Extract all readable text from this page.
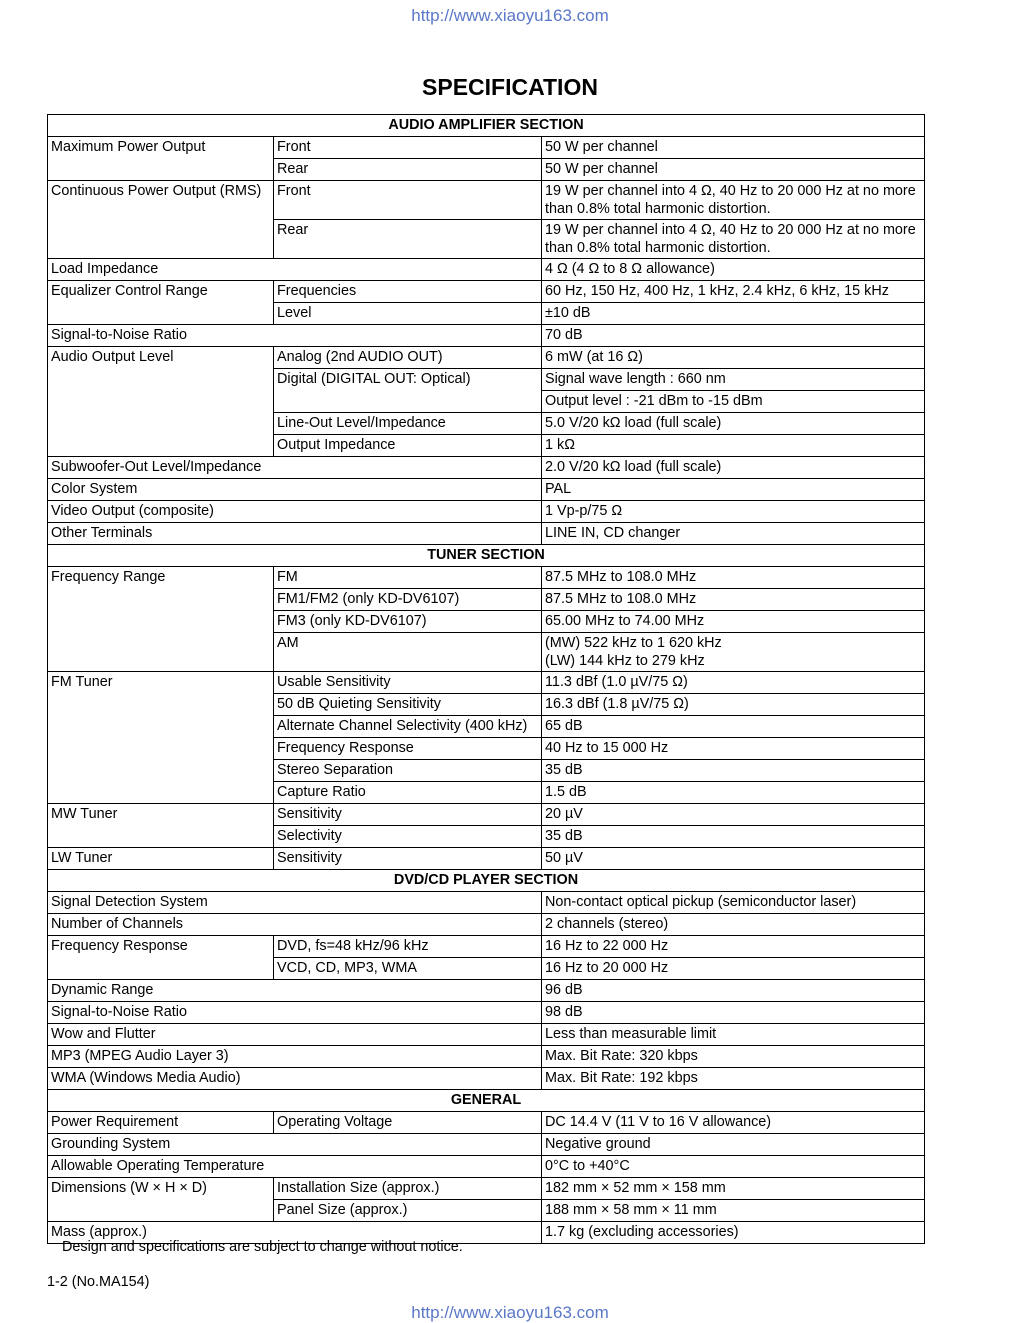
http://www.xiaoyu163.com
SPECIFICATION
AUDIO AMPLIFIER SECTION		
Maximum Power Output	Front	50 W per channel
	Rear	50 W per channel
Continuous Power Output (RMS)	Front	19 W per channel into 4 Ω, 40 Hz to 20 000 Hz at no more than 0.8% total harmonic distortion.
	Rear	19 W per channel into 4 Ω, 40 Hz to 20 000 Hz at no more than 0.8% total harmonic distortion.
Load Impedance		4 Ω (4 Ω to 8 Ω allowance)
Equalizer Control Range	Frequencies	60 Hz, 150 Hz, 400 Hz, 1 kHz, 2.4 kHz, 6 kHz, 15 kHz
	Level	±10 dB
Signal-to-Noise Ratio		70 dB
Audio Output Level	Analog (2nd AUDIO OUT)	6 mW (at 16 Ω)
	Digital (DIGITAL OUT: Optical)	Signal wave length : 660 nm
		Output level : -21 dBm to -15 dBm
	Line-Out Level/Impedance	5.0 V/20 kΩ load (full scale)
	Output Impedance	1 kΩ
Subwoofer-Out Level/Impedance		2.0 V/20 kΩ load (full scale)
Color System		PAL
Video Output (composite)		1 Vp-p/75 Ω
Other Terminals		LINE IN, CD changer
TUNER SECTION		
Frequency Range	FM	87.5 MHz to 108.0 MHz
	FM1/FM2 (only KD-DV6107)	87.5 MHz to 108.0 MHz
	FM3 (only KD-DV6107)	65.00 MHz to 74.00 MHz
	AM	(MW) 522 kHz to 1 620 kHz
(LW) 144 kHz to 279 kHz
FM Tuner	Usable Sensitivity	11.3 dBf (1.0 µV/75 Ω)
	50 dB Quieting Sensitivity	16.3 dBf (1.8 µV/75 Ω)
	Alternate Channel Selectivity (400 kHz)	65 dB
	Frequency Response	40 Hz to 15 000 Hz
	Stereo Separation	35 dB
	Capture Ratio	1.5 dB
MW Tuner	Sensitivity	20 µV
	Selectivity	35 dB
LW Tuner	Sensitivity	50 µV
DVD/CD PLAYER SECTION		
Signal Detection System		Non-contact optical pickup (semiconductor laser)
Number of Channels		2 channels (stereo)
Frequency Response	DVD, fs=48 kHz/96 kHz	16 Hz to 22 000 Hz
	VCD, CD, MP3, WMA	16 Hz to 20 000 Hz
Dynamic Range		96 dB
Signal-to-Noise Ratio		98 dB
Wow and Flutter		Less than measurable limit
MP3 (MPEG Audio Layer 3)		Max. Bit Rate: 320 kbps
WMA (Windows Media Audio)		Max. Bit Rate: 192 kbps
GENERAL		
Power Requirement	Operating Voltage	DC 14.4 V (11 V to 16 V allowance)
Grounding System		Negative ground
Allowable Operating Temperature		0°C to +40°C
Dimensions (W × H × D)	Installation Size (approx.)	182 mm × 52 mm × 158 mm
	Panel Size (approx.)	188 mm × 58 mm × 11 mm
Mass (approx.)		1.7 kg (excluding accessories)
Design and specifications are subject to change without notice.
1-2 (No.MA154)
http://www.xiaoyu163.com
